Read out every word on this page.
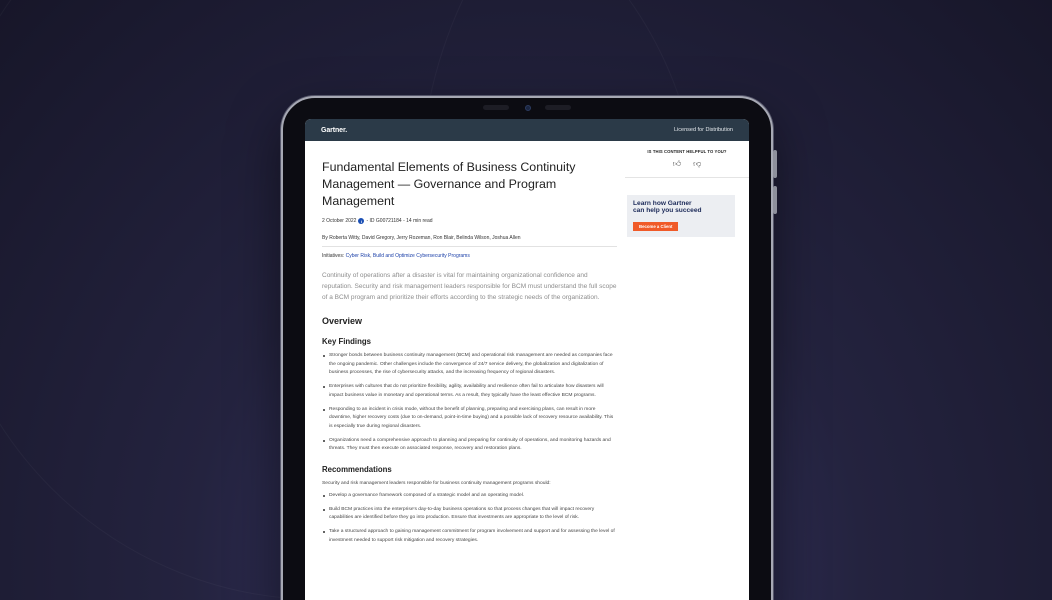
Gartner.	Licensed for Distribution
Fundamental Elements of Business Continuity Management — Governance and Program Management
2 October 2022	i - ID G00721184 - 14 min read
By Roberta Witty, David Gregory, Jerry Rozeman, Ron Blair, Belinda Wilson, Joshua Allen
Initiatives: Cyber Risk, Build and Optimize Cybersecurity Programs

Continuity of operations after a disaster is vital for maintaining organizational confidence and reputation. Security and risk management leaders responsible for BCM must understand the full scope of a BCM program and prioritize their efforts according to the strategic needs of the organization.

Overview
Key Findings
Stronger bonds between business continuity management (BCM) and operational risk management are needed as companies face the ongoing pandemic. Other challenges include the convergence of 24/7 service delivery, the globalization and digitalization of business processes, the rise of cybersecurity attacks, and the increasing frequency of regional disasters.
Enterprises with cultures that do not prioritize flexibility, agility, availability and resilience often fail to articulate how disasters will impact business value in monetary and operational terms. As a result, they typically have the least effective BCM programs.
Responding to an incident in crisis mode, without the benefit of planning, preparing and exercising plans, can result in more downtime, higher recovery costs (due to on-demand, point-in-time buying) and a possible lack of recovery resource availability. This is especially true during regional disasters.
Organizations need a comprehensive approach to planning and preparing for continuity of operations, and monitoring hazards and threats. They must then execute on associated response, recovery and restoration plans.
Recommendations

Security and risk management leaders responsible for business continuity management programs should:

Develop a governance framework composed of a strategic model and an operating model.
Build BCM practices into the enterprise's day-to-day business operations so that process changes that will impact recovery capabilities are identified before they go into production. Ensure that investments are appropriate to the level of risk.
Take a structured approach to gaining management commitment for program involvement and support and for assessing the level of investment needed to support risk mitigation and recovery strategies.
IS THIS CONTENT HELPFUL TO YOU?
👍︎ 👎︎
Learn how Gartner
can help you succeed
Become a Client
